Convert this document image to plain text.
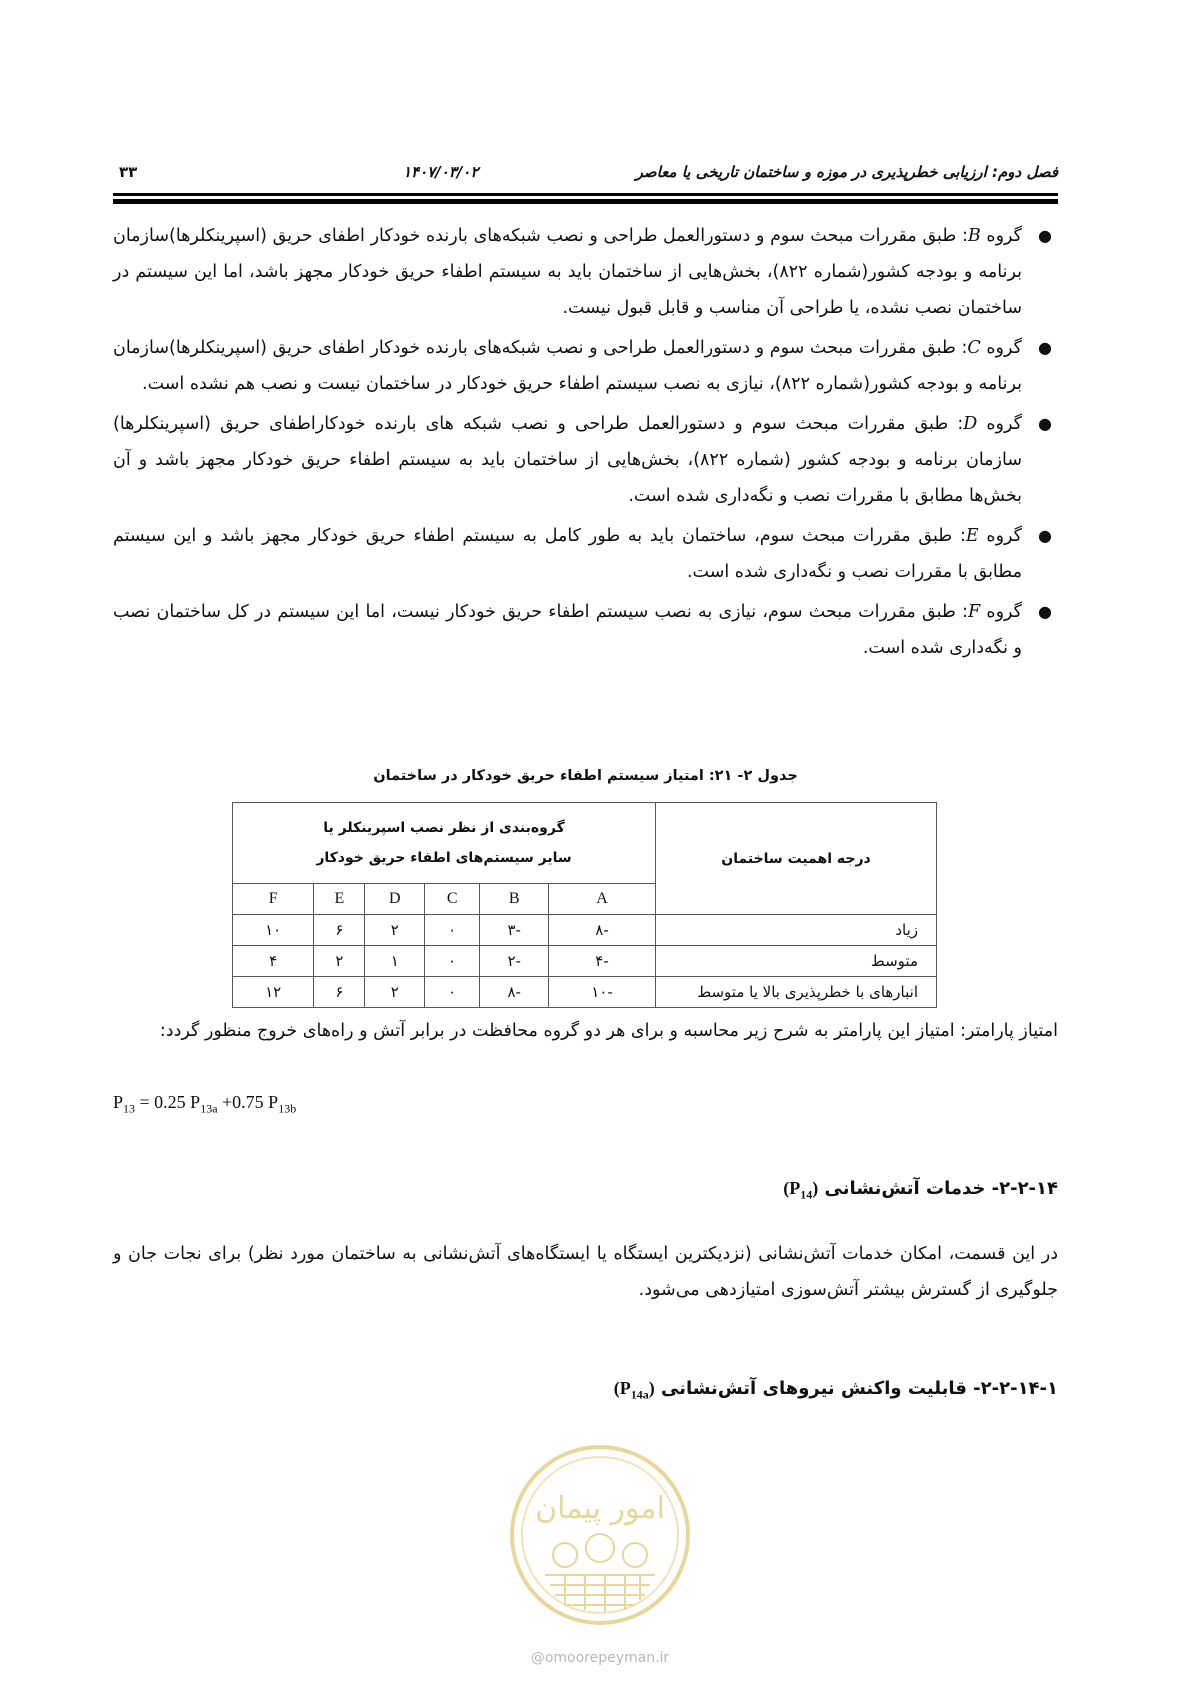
۳۳	۱۴۰۷/۰۳/۰۲	فصل دوم: ارزیابی خطرپذیری در موزه و ساختمان تاریخی یا معاصر
●
گروه B: طبق مقررات مبحث سوم و دستورالعمل طراحی و نصب شبکه‌های بارنده خودکار اطفای حریق (اسپرینکلرها)سازمان برنامه و بودجه کشور(شماره ۸۲۲)، بخش‌هایی از ساختمان باید به سیستم اطفاء حریق خودکار مجهز باشد، اما این سیستم در ساختمان نصب نشده، یا طراحی آن مناسب و قابل قبول نیست.
●
گروه C: طبق مقررات مبحث سوم و دستورالعمل طراحی و نصب شبکه‌های بارنده خودکار اطفای حریق (اسپرینکلرها)سازمان برنامه و بودجه کشور(شماره ۸۲۲)، نیازی به نصب سیستم اطفاء حریق خودکار در ساختمان نیست و نصب هم نشده است.
●
گروه D: طبق مقررات مبحث سوم و دستورالعمل طراحی و نصب شبکه های بارنده خودکاراطفای حریق (اسپرینکلرها) سازمان برنامه و بودجه کشور (شماره ۸۲۲)، بخش‌هایی از ساختمان باید به سیستم اطفاء حریق خودکار مجهز باشد و آن بخش‌ها مطابق با مقررات نصب و نگه‌داری شده است.
●
گروه E: طبق مقررات مبحث سوم، ساختمان باید به طور کامل به سیستم اطفاء حریق خودکار مجهز باشد و این سیستم مطابق با مقررات نصب و نگه‌داری شده است.
●
گروه F: طبق مقررات مبحث سوم، نیازی به نصب سیستم اطفاء حریق خودکار نیست، اما این سیستم در کل ساختمان نصب و نگه‌داری شده است.
جدول ۲- ۲۱: امتیاز سیستم اطفاء حریق خودکار در ساختمان
درجه اهمیت ساختمان	گروه‌بندی از نظر نصب اسپرینکلر یا
سایر سیستم‌های اطفاء حریق خودکار					

	A	B	C	D	E	F
زیاد	-۸	-۳	۰	۲	۶	۱۰
متوسط	-۴	-۲	۰	۱	۲	۴
انبارهای با خطرپذیری بالا یا متوسط	-۱۰	-۸	۰	۲	۶	۱۲
امتیاز پارامتر: امتیاز این پارامتر به شرح زیر محاسبه و برای هر دو گروه محافظت در برابر آتش و راه‌های خروج منظور گردد:
$P_{13} = 0.25$ $P_{13a} +0.75$ $P_{13b}$
۲-۲-۱۴- خدمات آتش‌نشانی $(P_{14})$
در این قسمت، امکان خدمات آتش‌نشانی (نزدیکترین ایستگاه یا ایستگاه‌های آتش‌نشانی به ساختمان مورد نظر) برای نجات جان و جلوگیری از گسترش بیشتر آتش‌سوزی امتیازدهی می‌شود.
۲-۲-۱۴-۱- قابلیت واکنش نیروهای آتش‌نشانی $(P_{14a})$
امور پیمان
@omoorepeyman.ir
